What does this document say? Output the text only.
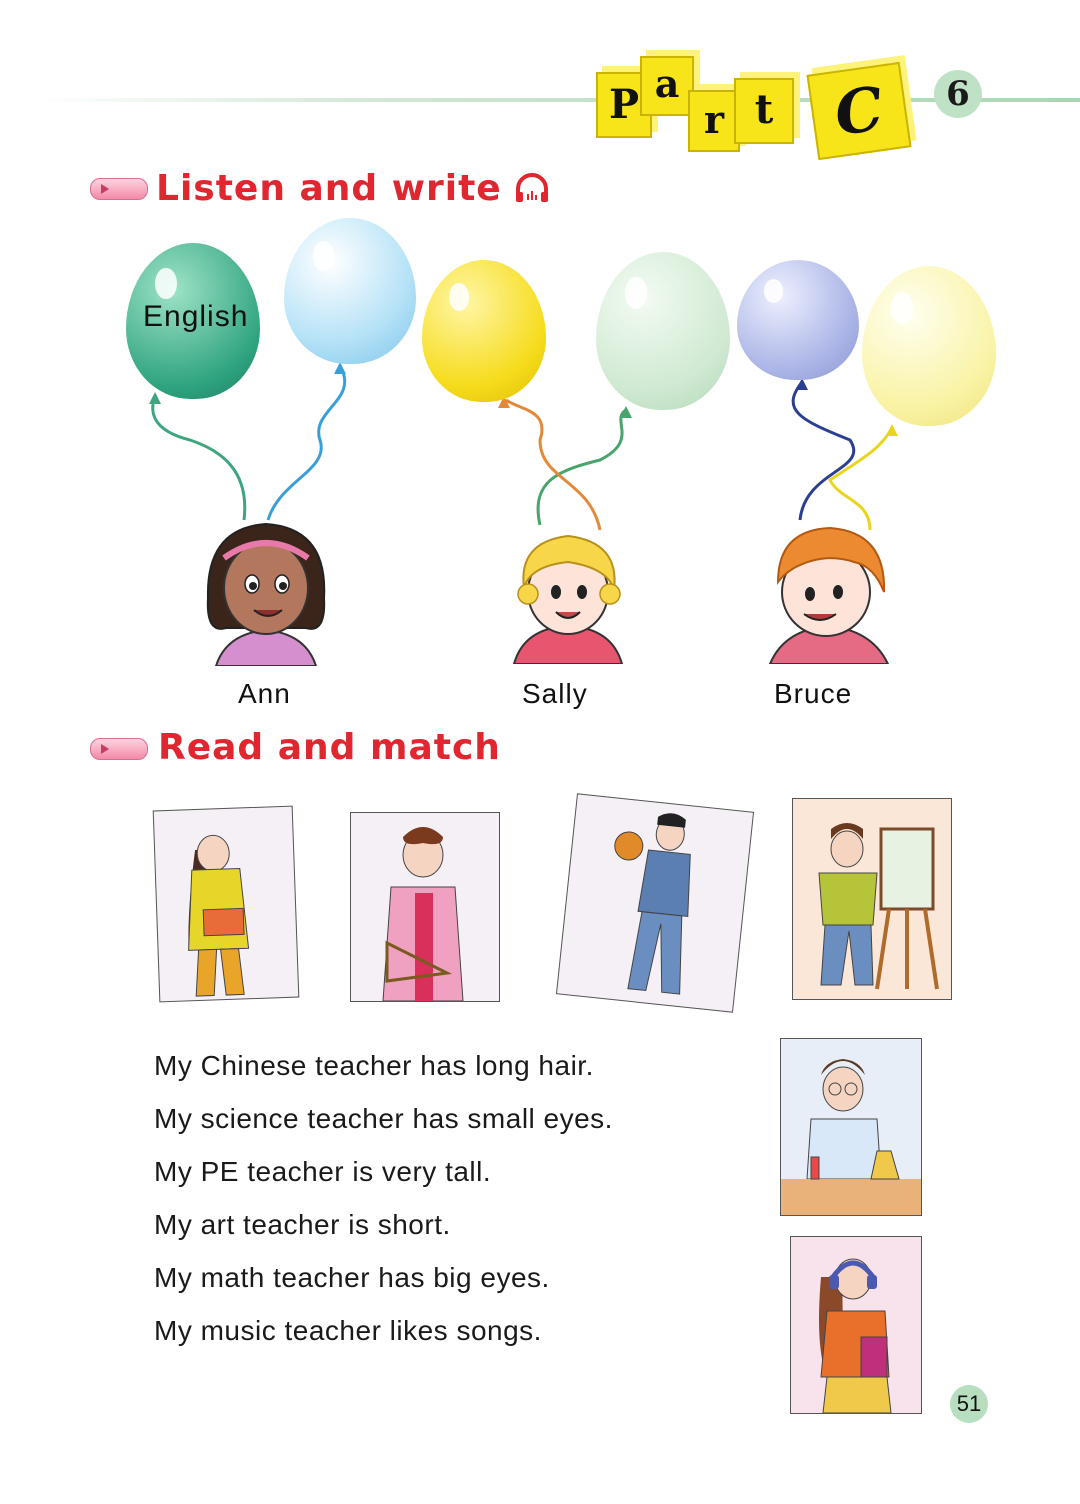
P a
r t C	6
Listen and write
English
Ann	Sally	Bruce
Read and match
My Chinese teacher has long hair.
My science teacher has small eyes.
My PE teacher is very tall.
My art teacher is short.
My math teacher has big eyes.
My music teacher likes songs.
51
